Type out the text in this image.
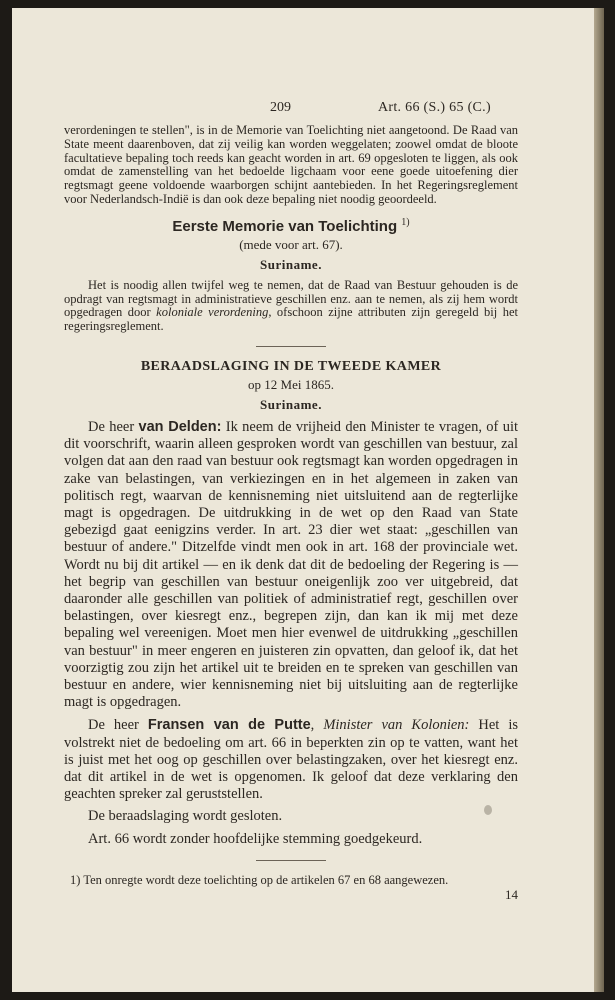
209	Art. 66 (S.) 65 (C.)

verordeningen te stellen", is in de Memorie van Toelichting niet aangetoond. De Raad van State meent daarenboven, dat zij veilig kan worden weggelaten; zoowel omdat de bloote facultatieve bepaling toch reeds kan geacht worden in art. 69 opgesloten te liggen, als ook omdat de zamenstelling van het bedoelde ligchaam voor eene goede uitoefening dier regtsmagt geene voldoende waarborgen schijnt aantebieden. In het Regeringsreglement voor Nederlandsch-Indië is dan ook deze bepaling niet noodig geoordeeld.

Eerste Memorie van Toelichting $^{1)}$
(mede voor art. 67).
Suriname.

Het is noodig allen twijfel weg te nemen, dat de Raad van Bestuur gehouden is de opdragt van regtsmagt in administratieve geschillen enz. aan te nemen, als zij hem wordt opgedragen door koloniale verordening, ofschoon zijne attributen zijn geregeld bij het regeringsreglement.

BERAADSLAGING IN DE TWEEDE KAMER
op 12 Mei 1865.
Suriname.

De heer van Delden: Ik neem de vrijheid den Minister te vragen, of uit dit voorschrift, waarin alleen gesproken wordt van geschillen van bestuur, zal volgen dat aan den raad van bestuur ook regtsmagt kan worden opgedragen in zake van belastingen, van verkiezingen en in het algemeen in zaken van politisch regt, waarvan de kennisneming niet uitsluitend aan de regterlijke magt is opgedragen. De uitdrukking in de wet op den Raad van State gebezigd gaat eenigzins verder. In art. 23 dier wet staat: „geschillen van bestuur of andere." Ditzelfde vindt men ook in art. 168 der provinciale wet. Wordt nu bij dit artikel — en ik denk dat dit de bedoeling der Regering is — het begrip van geschillen van bestuur oneigenlijk zoo ver uitgebreid, dat daaronder alle geschillen van politiek of administratief regt, geschillen over belastingen, over kiesregt enz., begrepen zijn, dan kan ik mij met deze bepaling wel vereenigen. Moet men hier evenwel de uitdrukking „geschillen van bestuur" in meer engeren en juisteren zin opvatten, dan geloof ik, dat het voorzigtig zou zijn het artikel uit te breiden en te spreken van geschillen van bestuur en andere, wier kennisneming niet bij uitsluiting aan de regterlijke magt is opgedragen.

De heer Fransen van de Putte, Minister van Kolonien: Het is volstrekt niet de bedoeling om art. 66 in beperkten zin op te vatten, want het is juist met het oog op geschillen over belastingzaken, over het kiesregt enz. dat dit artikel in de wet is opgenomen. Ik geloof dat deze verklaring den geachten spreker zal geruststellen.

De beraadslaging wordt gesloten.

Art. 66 wordt zonder hoofdelijke stemming goedgekeurd.

1) Ten onregte wordt deze toelichting op de artikelen 67 en 68 aangewezen.

14
